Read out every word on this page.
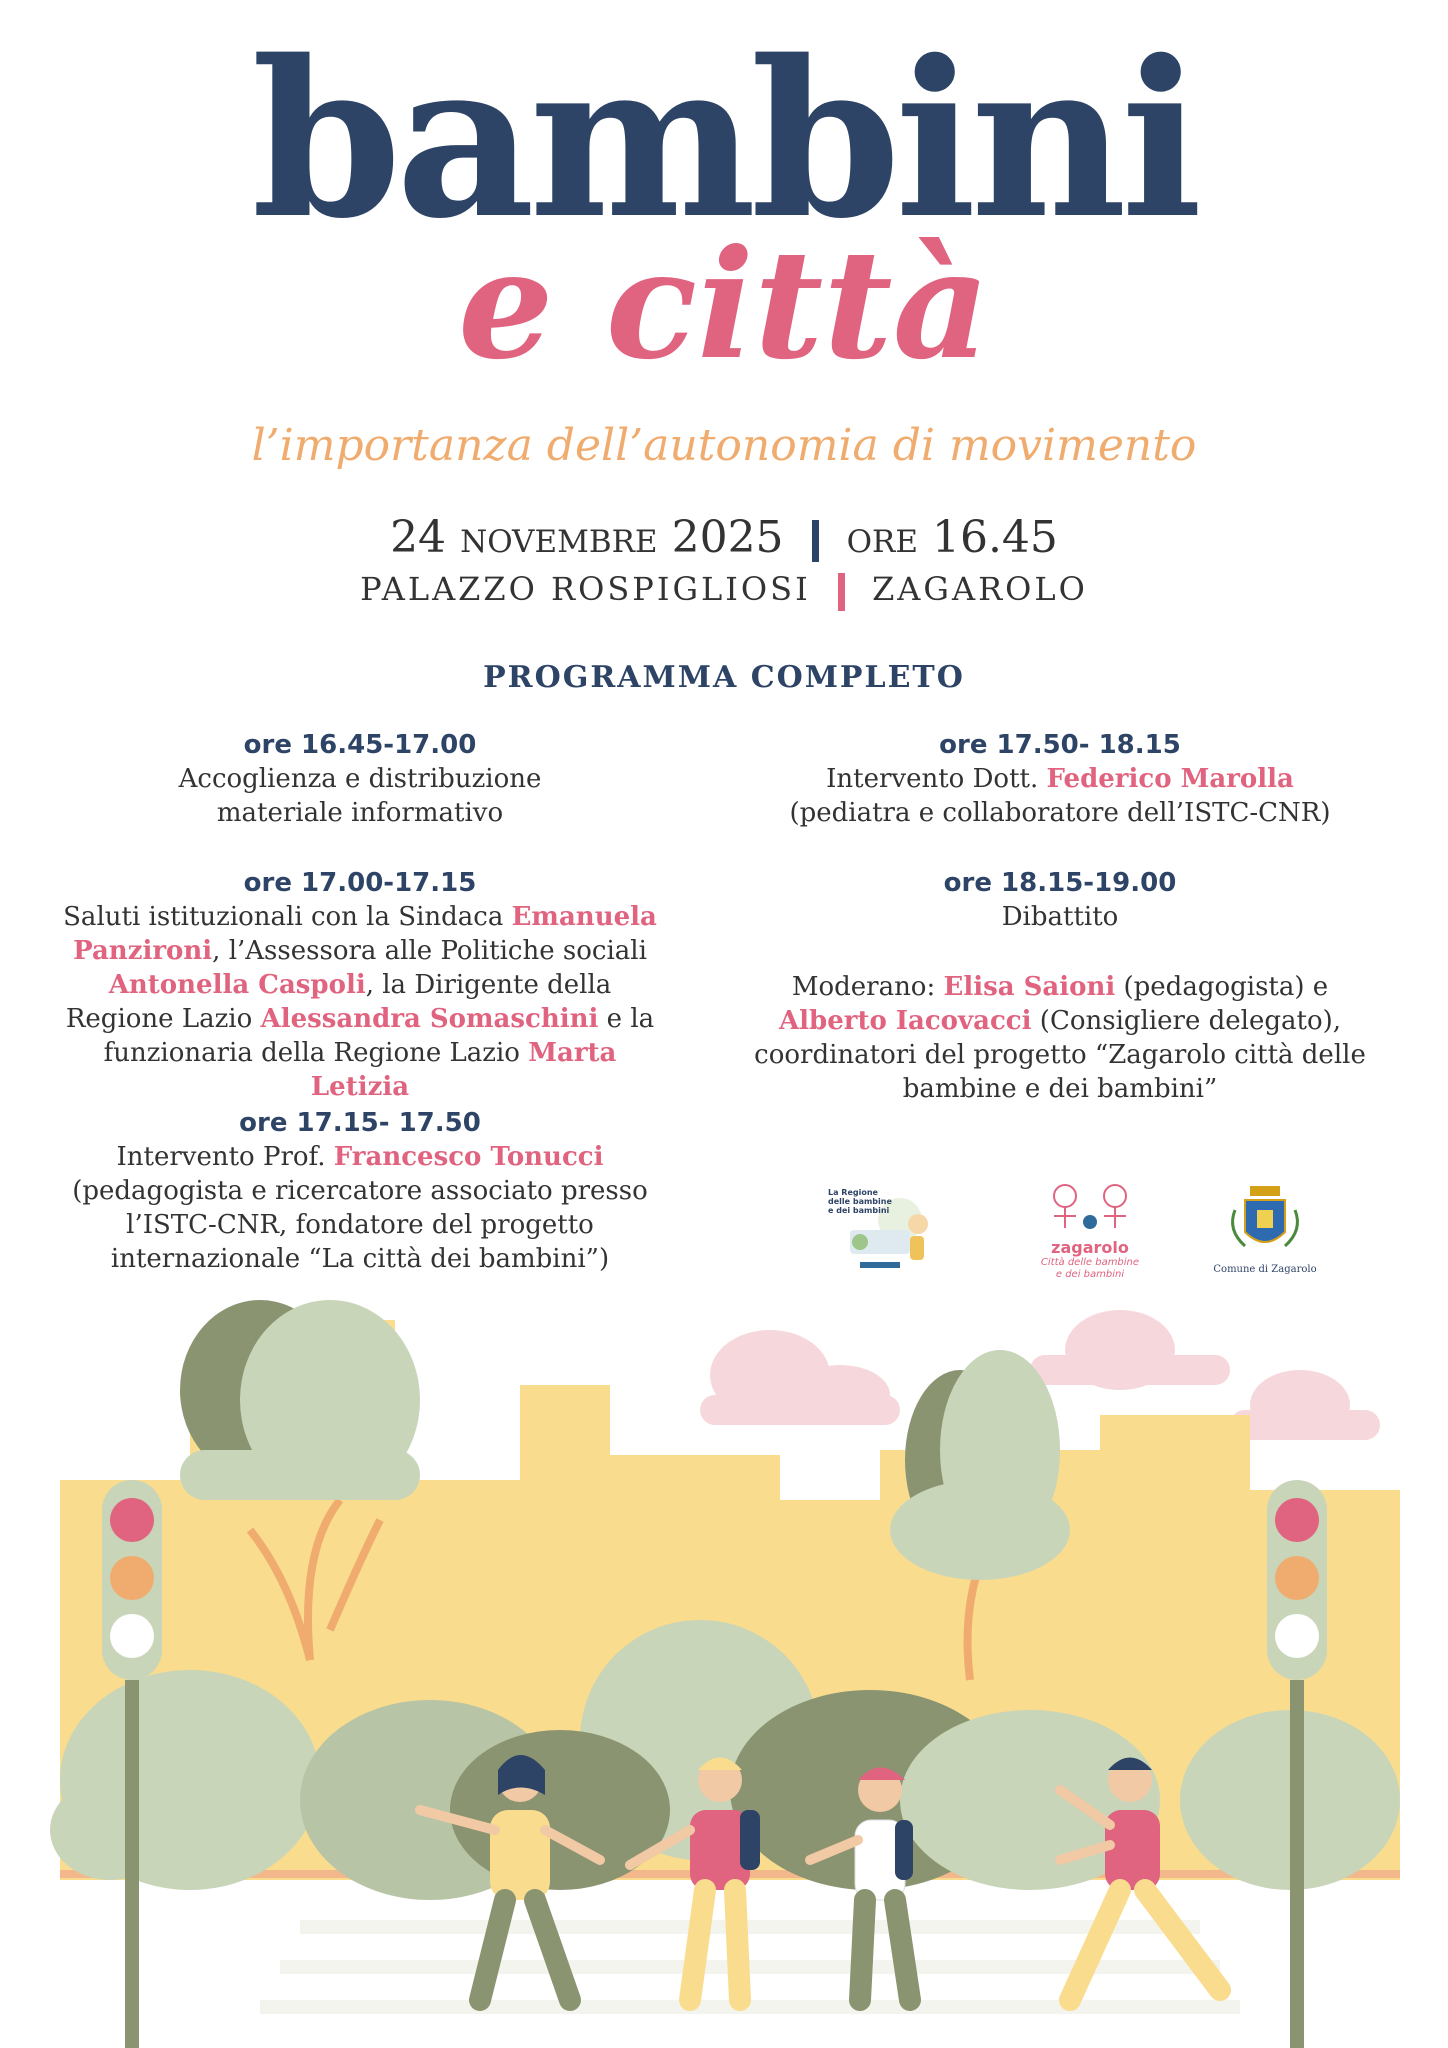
bambini
e città
l’importanza dell’autonomia di movimento
24 novembre 2025 ore 16.45
PALAZZO ROSPIGLIOSI ZAGAROLO
PROGRAMMA COMPLETO
ore 16.45-17.00
Accoglienza e distribuzione
materiale informativo
ore 17.00-17.15
Saluti istituzionali con la Sindaca Emanuela Panzironi, l’Assessora alle Politiche sociali Antonella Caspoli, la Dirigente della Regione Lazio Alessandra Somaschini e la funzionaria della Regione Lazio Marta Letizia
ore 17.15- 17.50
Intervento Prof. Francesco Tonucci
(pedagogista e ricercatore associato presso l’ISTC-CNR, fondatore del progetto internazionale “La città dei bambini”)
ore 17.50- 18.15
Intervento Dott. Federico Marolla
(pediatra e collaboratore dell’ISTC-CNR)
ore 18.15-19.00
Dibattito
Moderano: Elisa Saioni (pedagogista) e Alberto Iacovacci (Consigliere delegato), coordinatori del progetto “Zagarolo città delle bambine e dei bambini”
La Regione
delle bambine
e dei bambini
zagarolo
Città delle bambine
e dei bambini	Comune di Zagarolo
